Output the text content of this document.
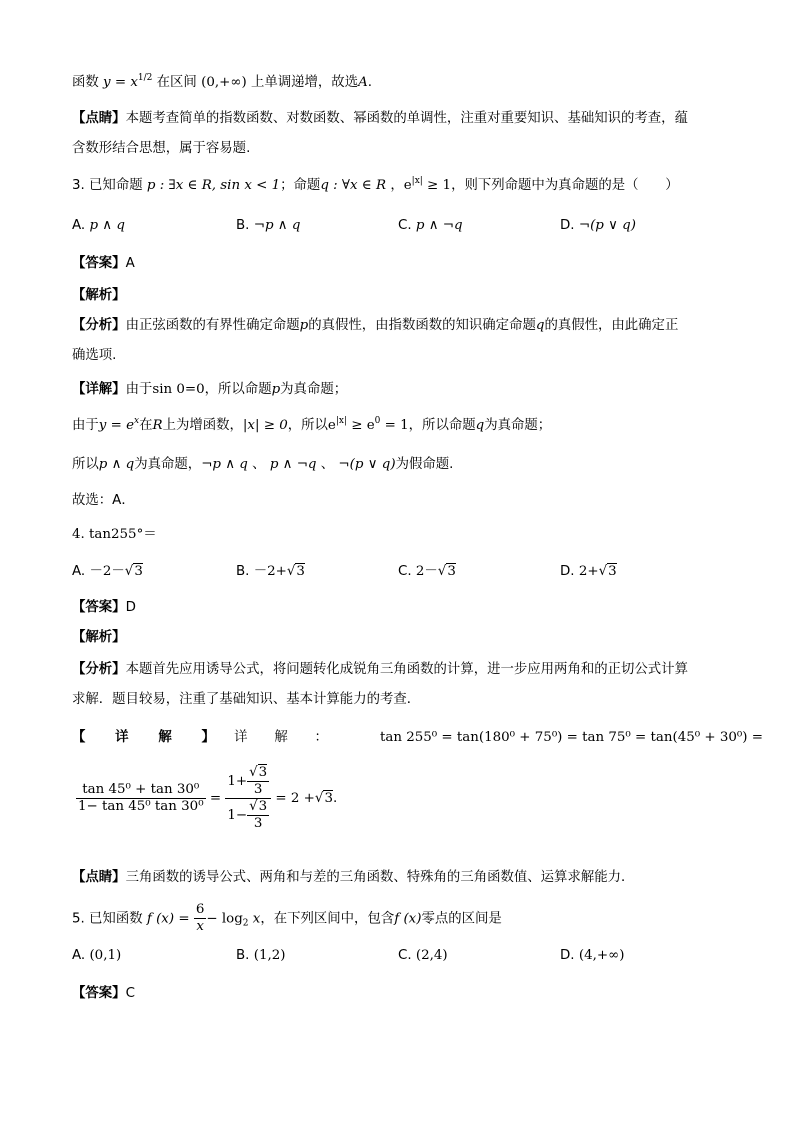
函数 $y = x^{1/2}$ 在区间 (0,+∞) 上单调递增，故选A.
【点睛】本题考查简单的指数函数、对数函数、幂函数的单调性，注重对重要知识、基础知识的考查，蕴
含数形结合思想，属于容易题.
3. 已知命题 p : ∃x ∈ R, sin x < 1；命题q : ∀x ∈ R ，$e^{|x|} \ge 1$，则下列命题中为真命题的是（　　）
A. p ∧ q	B. ¬p ∧ q	C. p ∧ ¬q	D. ¬(p ∨ q)
【答案】A
【解析】
【分析】由正弦函数的有界性确定命题p的真假性，由指数函数的知识确定命题q的真假性，由此确定正
确选项.
【详解】由于sin 0=0，所以命题p为真命题；
由于$y = e^x$在R上为增函数，|x| ≥ 0，所以$e^{|x|} \ge e^0 = 1$，所以命题q为真命题；
所以p ∧ q为真命题，¬p ∧ q 、 p ∧ ¬q 、 ¬(p ∨ q)为假命题.
故选：A．
4. tan255°＝
A. －2－√3	B. －2+√3	C. 2－√3	D. 2+√3
【答案】D
【解析】
【分析】本题首先应用诱导公式，将问题转化成锐角三角函数的计算，进一步应用两角和的正切公式计算
求解．题目较易，注重了基础知识、基本计算能力的考查．
【　　详　　解　　】 详　　解　　：	tan 255⁰ = tan(180⁰ + 75⁰) = tan 75⁰ = tan(45⁰ + 30⁰) =
$\frac{\text{tan 45⁰ + tan 30⁰}}{\text{1− tan 45⁰ tan 30⁰}} = \frac{1+ \frac{√3}{3}}{1- \frac{√3}{3}} = 2 +√3$.
【点睛】三角函数的诱导公式、两角和与差的三角函数、特殊角的三角函数值、运算求解能力．
5. 已知函数 f $(x) = \frac{6}{x} - \log_2 x$，在下列区间中，包含f (x)零点的区间是
A. (0,1)	B. (1,2)	C. (2,4)	D. (4,+∞)
【答案】C
